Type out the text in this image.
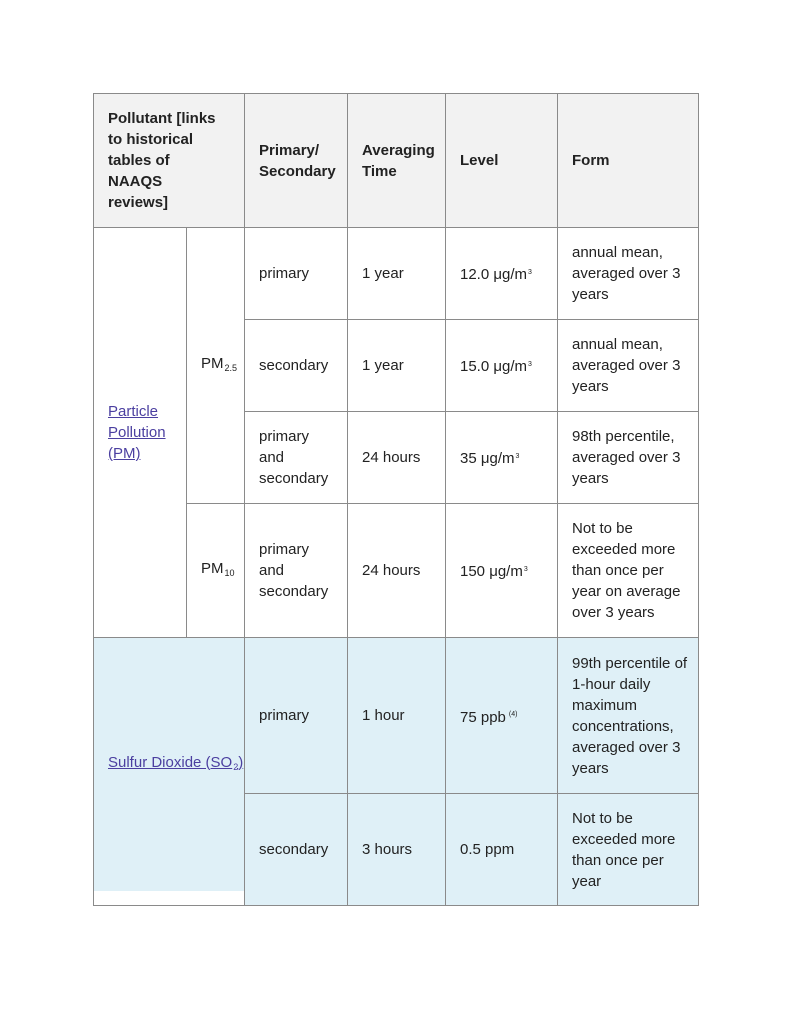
Pollutant [links to historical tables of NAAQS reviews]		Primary/ Secondary	Averaging Time	Level	Form
Particle Pollution (PM)	$PM_{2.5}$	primary	1 year	12.0 $\mu g/m^3$	annual mean, averaged over 3 years
		secondary	1 year	15.0 $\mu g/m^3$	annual mean, averaged over 3 years
		primary and secondary	24 hours	35 $\mu g/m^3$	98th percentile, averaged over 3 years
	$PM_{10}$	primary and secondary	24 hours	150 $\mu g/m^3$	Not to be exceeded more than once per year on average over 3 years

Sulfur Dioxide $(SO_2)$		primary	1 hour	75 ppb $^{(4)}$	99th percentile of 1-hour daily maximum concentrations, averaged over 3 years
		secondary	3 hours	0.5 ppm	Not to be exceeded more than once per year
